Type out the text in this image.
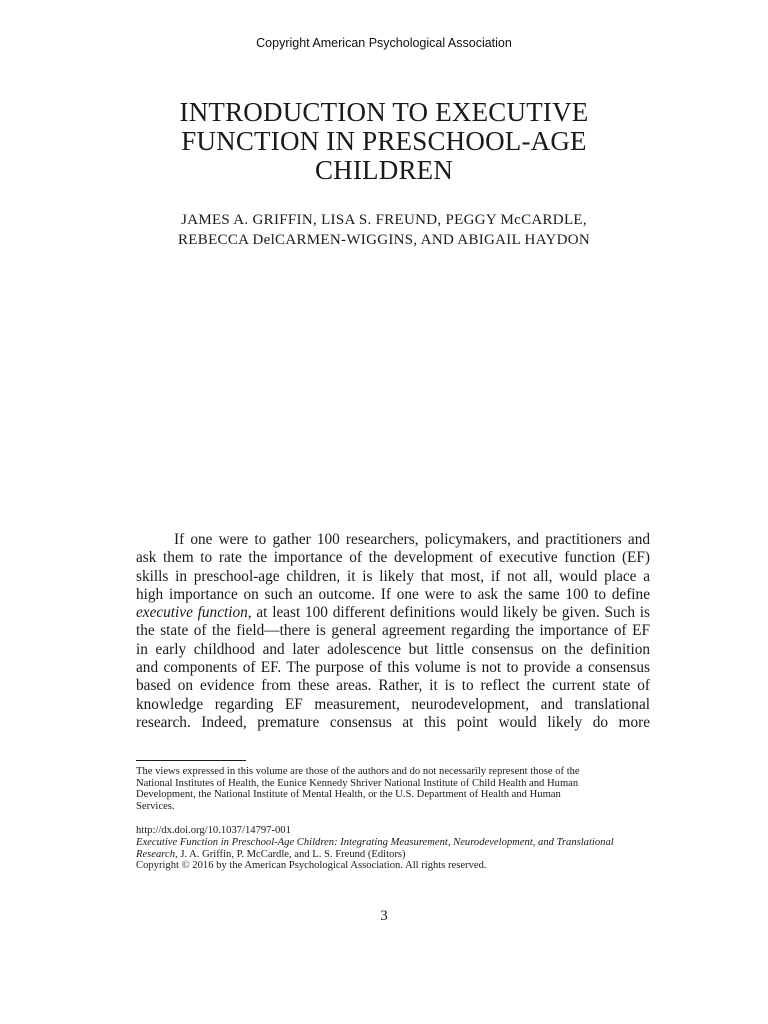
Copyright American Psychological Association
INTRODUCTION TO EXECUTIVE
FUNCTION IN PRESCHOOL-AGE
CHILDREN
JAMES A. GRIFFIN, LISA S. FREUND, PEGGY McCARDLE,
REBECCA DelCARMEN-WIGGINS, AND ABIGAIL HAYDON
If one were to gather 100 researchers, policymakers, and practitioners and
ask them to rate the importance of the development of executive function (EF)
skills in preschool-age children, it is likely that most, if not all, would place a
high importance on such an outcome. If one were to ask the same 100 to define
executive function, at least 100 different definitions would likely be given. Such is
the state of the field—there is general agreement regarding the importance of EF
in early childhood and later adolescence but little consensus on the definition
and components of EF. The purpose of this volume is not to provide a consensus
based on evidence from these areas. Rather, it is to reflect the current state of
knowledge regarding EF measurement, neurodevelopment, and translational
research. Indeed, premature consensus at this point would likely do more
The views expressed in this volume are those of the authors and do not necessarily represent those of the
National Institutes of Health, the Eunice Kennedy Shriver National Institute of Child Health and Human
Development, the National Institute of Mental Health, or the U.S. Department of Health and Human
Services.
http://dx.doi.org/10.1037/14797-001
Executive Function in Preschool-Age Children: Integrating Measurement, Neurodevelopment, and Translational
Research, J. A. Griffin, P. McCardle, and L. S. Freund (Editors)
Copyright © 2016 by the American Psychological Association. All rights reserved.
3
